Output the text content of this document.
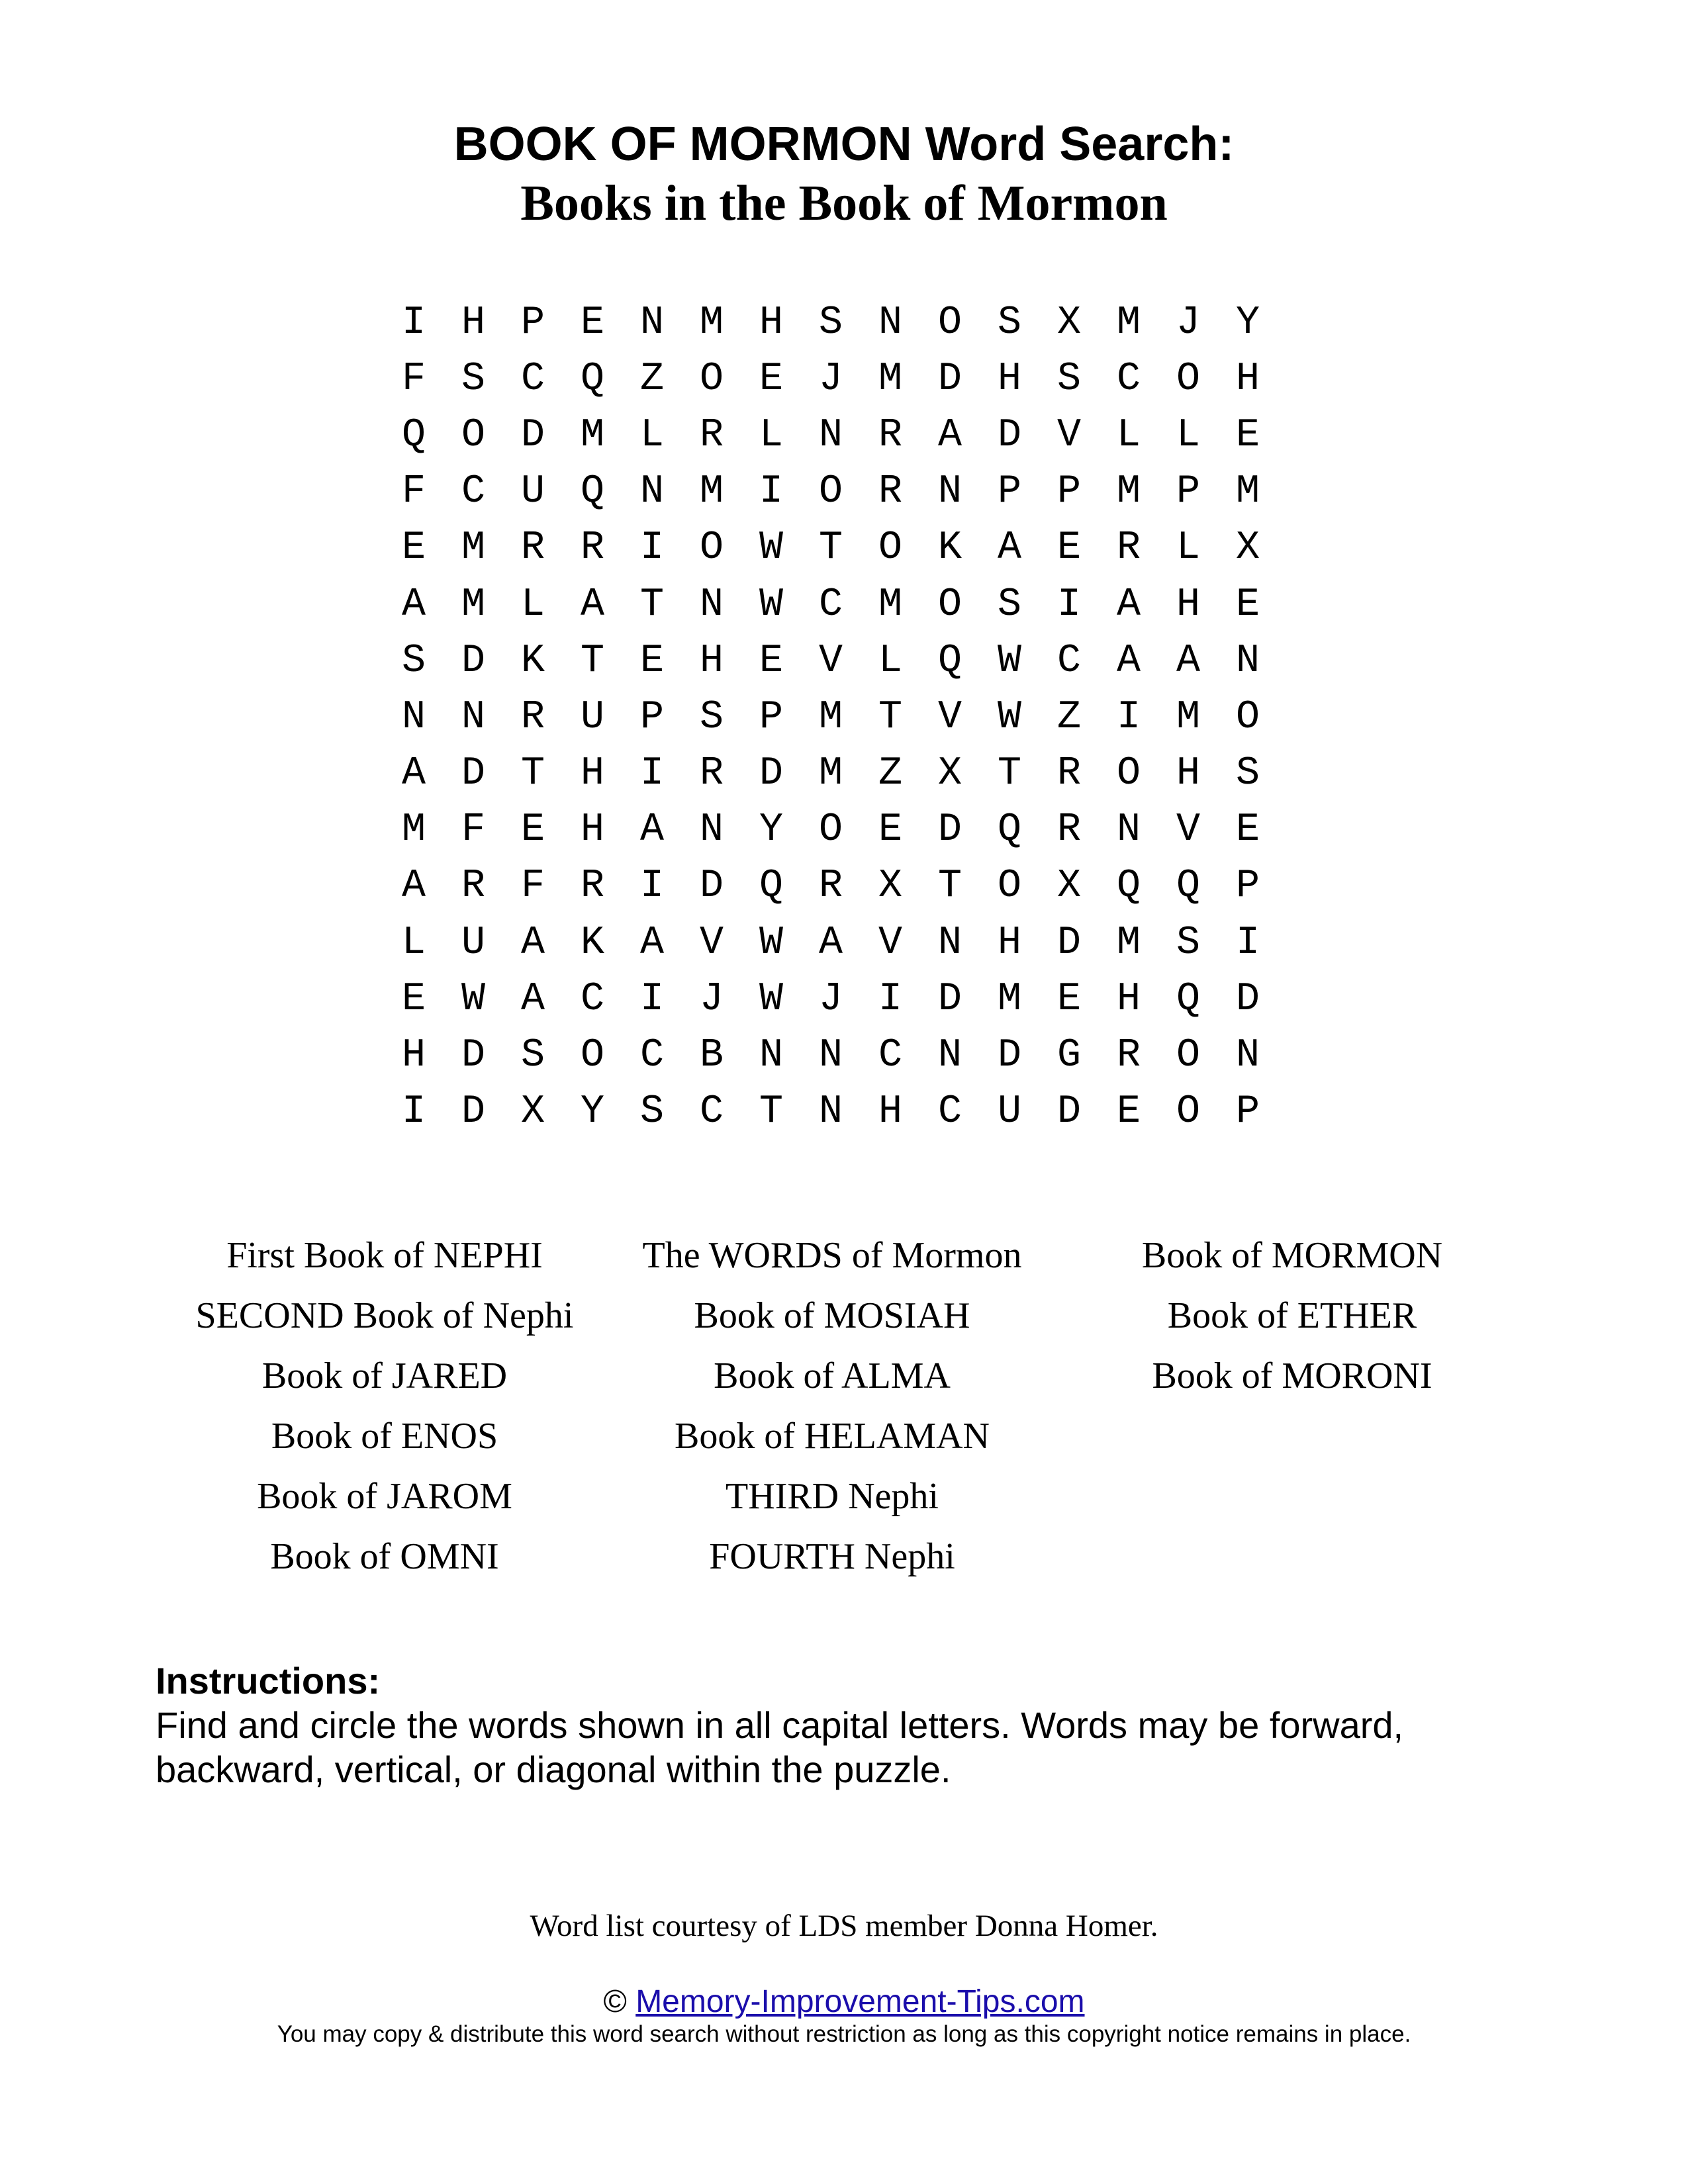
BOOK OF MORMON Word Search:
Books in the Book of Mormon
I H P E N M H S N O S X M J Y
F S C Q Z O E J M D H S C O H
Q O D M L R L N R A D V L L E
F C U Q N M I O R N P P M P M
E M R R I O W T O K A E R L X
A M L A T N W C M O S I A H E
S D K T E H E V L Q W C A A N
N N R U P S P M T V W Z I M O
A D T H I R D M Z X T R O H S
M F E H A N Y O E D Q R N V E
A R F R I D Q R X T O X Q Q P
L U A K A V W A V N H D M S I
E W A C I J W J I D M E H Q D
H D S O C B N N C N D G R O N
I D X Y S C T N H C U D E O P
First Book of NEPHI
SECOND Book of Nephi
Book of JARED
Book of ENOS
Book of JAROM
Book of OMNI
The WORDS of Mormon
Book of MOSIAH
Book of ALMA
Book of HELAMAN
THIRD Nephi
FOURTH Nephi
Book of MORMON
Book of ETHER
Book of MORONI
Instructions:
Find and circle the words shown in all capital letters. Words may be forward, backward, vertical, or diagonal within the puzzle.
Word list courtesy of LDS member Donna Homer.
© Memory-Improvement-Tips.com
You may copy & distribute this word search without restriction as long as this copyright notice remains in place.
